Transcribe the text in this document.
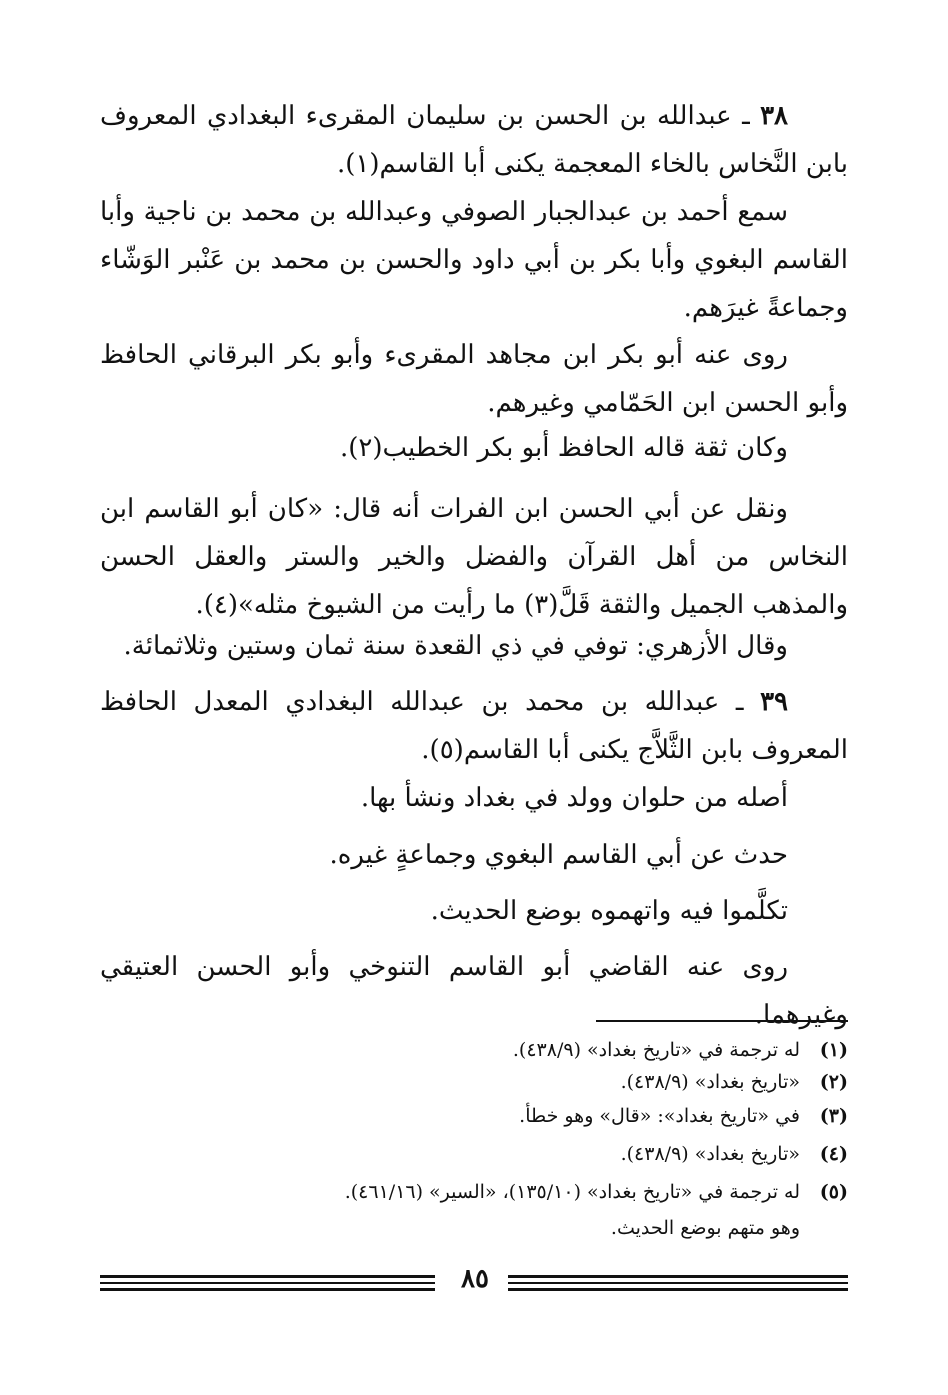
٣٨ ـ عبدالله بن الحسن بن سليمان المقرىء البغدادي المعروف بابن النَّخاس بالخاء المعجمة يكنى أبا القاسم(١).

سمع أحمد بن عبدالجبار الصوفي وعبدالله بن محمد بن ناجية وأبا القاسم البغوي وأبا بكر بن أبي داود والحسن بن محمد بن عَنْبر الوَشّاء وجماعةً غيرَهم.

روى عنه أبو بكر ابن مجاهد المقرىء وأبو بكر البرقاني الحافظ وأبو الحسن ابن الحَمّامي وغيرهم.

وكان ثقة قاله الحافظ أبو بكر الخطيب(٢).

ونقل عن أبي الحسن ابن الفرات أنه قال: «كان أبو القاسم ابن النخاس من أهل القرآن والفضل والخير والستر والعقل الحسن والمذهب الجميل والثقة قَلَّ(٣) ما رأيت من الشيوخ مثله»(٤).

وقال الأزهري: توفي في ذي القعدة سنة ثمان وستين وثلاثمائة.

٣٩ ـ عبدالله بن محمد بن عبدالله البغدادي المعدل الحافظ المعروف بابن الثَّلاَّج يكنى أبا القاسم(٥).

أصله من حلوان وولد في بغداد ونشأ بها.

حدث عن أبي القاسم البغوي وجماعةٍ غيره.

تكلَّموا فيه واتهموه بوضع الحديث.

روى عنه القاضي أبو القاسم التنوخي وأبو الحسن العتيقي وغيرهما.

(١)له ترجمة في «تاريخ بغداد» (٤٣٨/٩).

(٢)«تاريخ بغداد» (٤٣٨/٩).

(٣)في «تاريخ بغداد»: «قال» وهو خطأ.

(٤)«تاريخ بغداد» (٤٣٨/٩).

(٥)له ترجمة في «تاريخ بغداد» (١٣٥/١٠)، «السير» (٤٦١/١٦).

وهو متهم بوضع الحديث.

٨٥
